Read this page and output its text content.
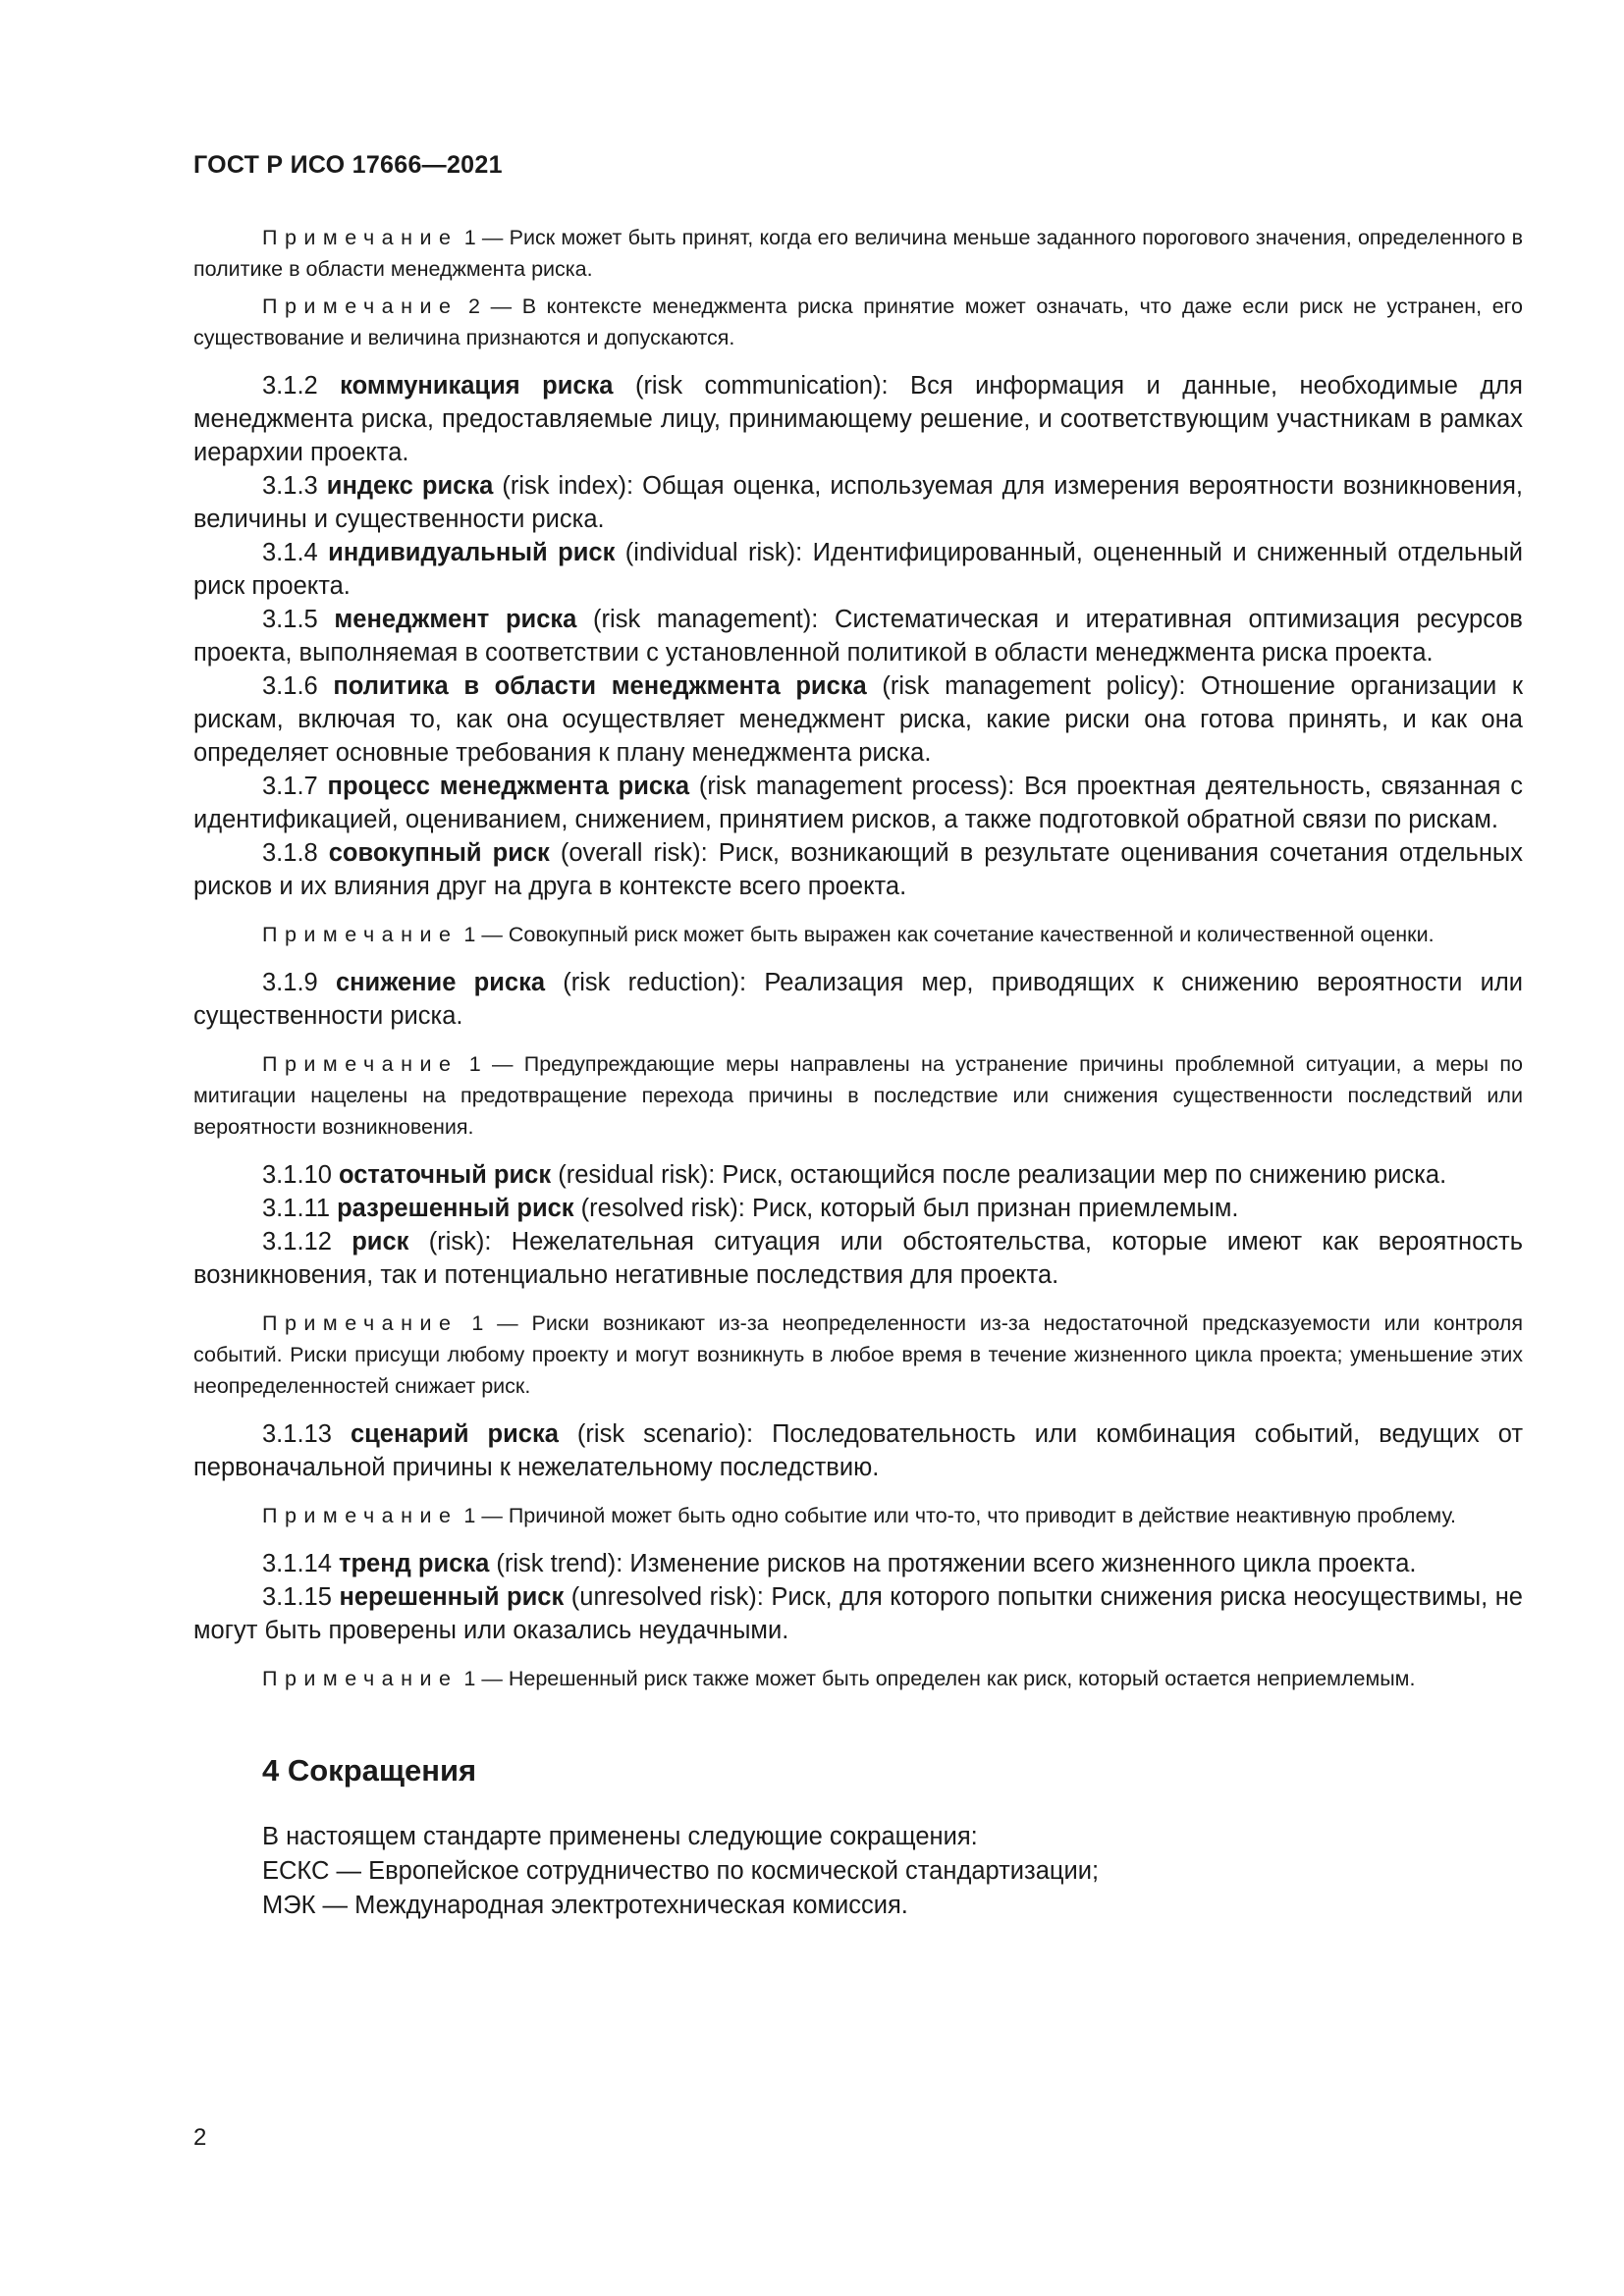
ГОСТ Р ИСО 17666—2021

Примечание 1 — Риск может быть принят, когда его величина меньше заданного порогового значения, определенного в политике в области менеджмента риска.

Примечание 2 — В контексте менеджмента риска принятие может означать, что даже если риск не устранен, его существование и величина признаются и допускаются.

3.1.2 коммуникация риска (risk communication): Вся информация и данные, необходимые для менеджмента риска, предоставляемые лицу, принимающему решение, и соответствующим участникам в рамках иерархии проекта.

3.1.3 индекс риска (risk index): Общая оценка, используемая для измерения вероятности возникновения, величины и существенности риска.

3.1.4 индивидуальный риск (individual risk): Идентифицированный, оцененный и сниженный отдельный риск проекта.

3.1.5 менеджмент риска (risk management): Систематическая и итеративная оптимизация ресурсов проекта, выполняемая в соответствии с установленной политикой в области менеджмента риска проекта.

3.1.6 политика в области менеджмента риска (risk management policy): Отношение организации к рискам, включая то, как она осуществляет менеджмент риска, какие риски она готова принять, и как она определяет основные требования к плану менеджмента риска.

3.1.7 процесс менеджмента риска (risk management process): Вся проектная деятельность, связанная с идентификацией, оцениванием, снижением, принятием рисков, а также подготовкой обратной связи по рискам.

3.1.8 совокупный риск (overall risk): Риск, возникающий в результате оценивания сочетания отдельных рисков и их влияния друг на друга в контексте всего проекта.

Примечание 1 — Совокупный риск может быть выражен как сочетание качественной и количественной оценки.

3.1.9 снижение риска (risk reduction): Реализация мер, приводящих к снижению вероятности или существенности риска.

Примечание 1 — Предупреждающие меры направлены на устранение причины проблемной ситуации, а меры по митигации нацелены на предотвращение перехода причины в последствие или снижения существенности последствий или вероятности возникновения.

3.1.10 остаточный риск (residual risk): Риск, остающийся после реализации мер по снижению риска.

3.1.11 разрешенный риск (resolved risk): Риск, который был признан приемлемым.

3.1.12 риск (risk): Нежелательная ситуация или обстоятельства, которые имеют как вероятность возникновения, так и потенциально негативные последствия для проекта.

Примечание 1 — Риски возникают из-за неопределенности из-за недостаточной предсказуемости или контроля событий. Риски присущи любому проекту и могут возникнуть в любое время в течение жизненного цикла проекта; уменьшение этих неопределенностей снижает риск.

3.1.13 сценарий риска (risk scenario): Последовательность или комбинация событий, ведущих от первоначальной причины к нежелательному последствию.

Примечание 1 — Причиной может быть одно событие или что-то, что приводит в действие неактивную проблему.

3.1.14 тренд риска (risk trend): Изменение рисков на протяжении всего жизненного цикла проекта.

3.1.15 нерешенный риск (unresolved risk): Риск, для которого попытки снижения риска неосуществимы, не могут быть проверены или оказались неудачными.

Примечание 1 — Нерешенный риск также может быть определен как риск, который остается неприемлемым.

4 Сокращения

В настоящем стандарте применены следующие сокращения:

ЕСКС — Европейское сотрудничество по космической стандартизации;

МЭК — Международная электротехническая комиссия.

2
